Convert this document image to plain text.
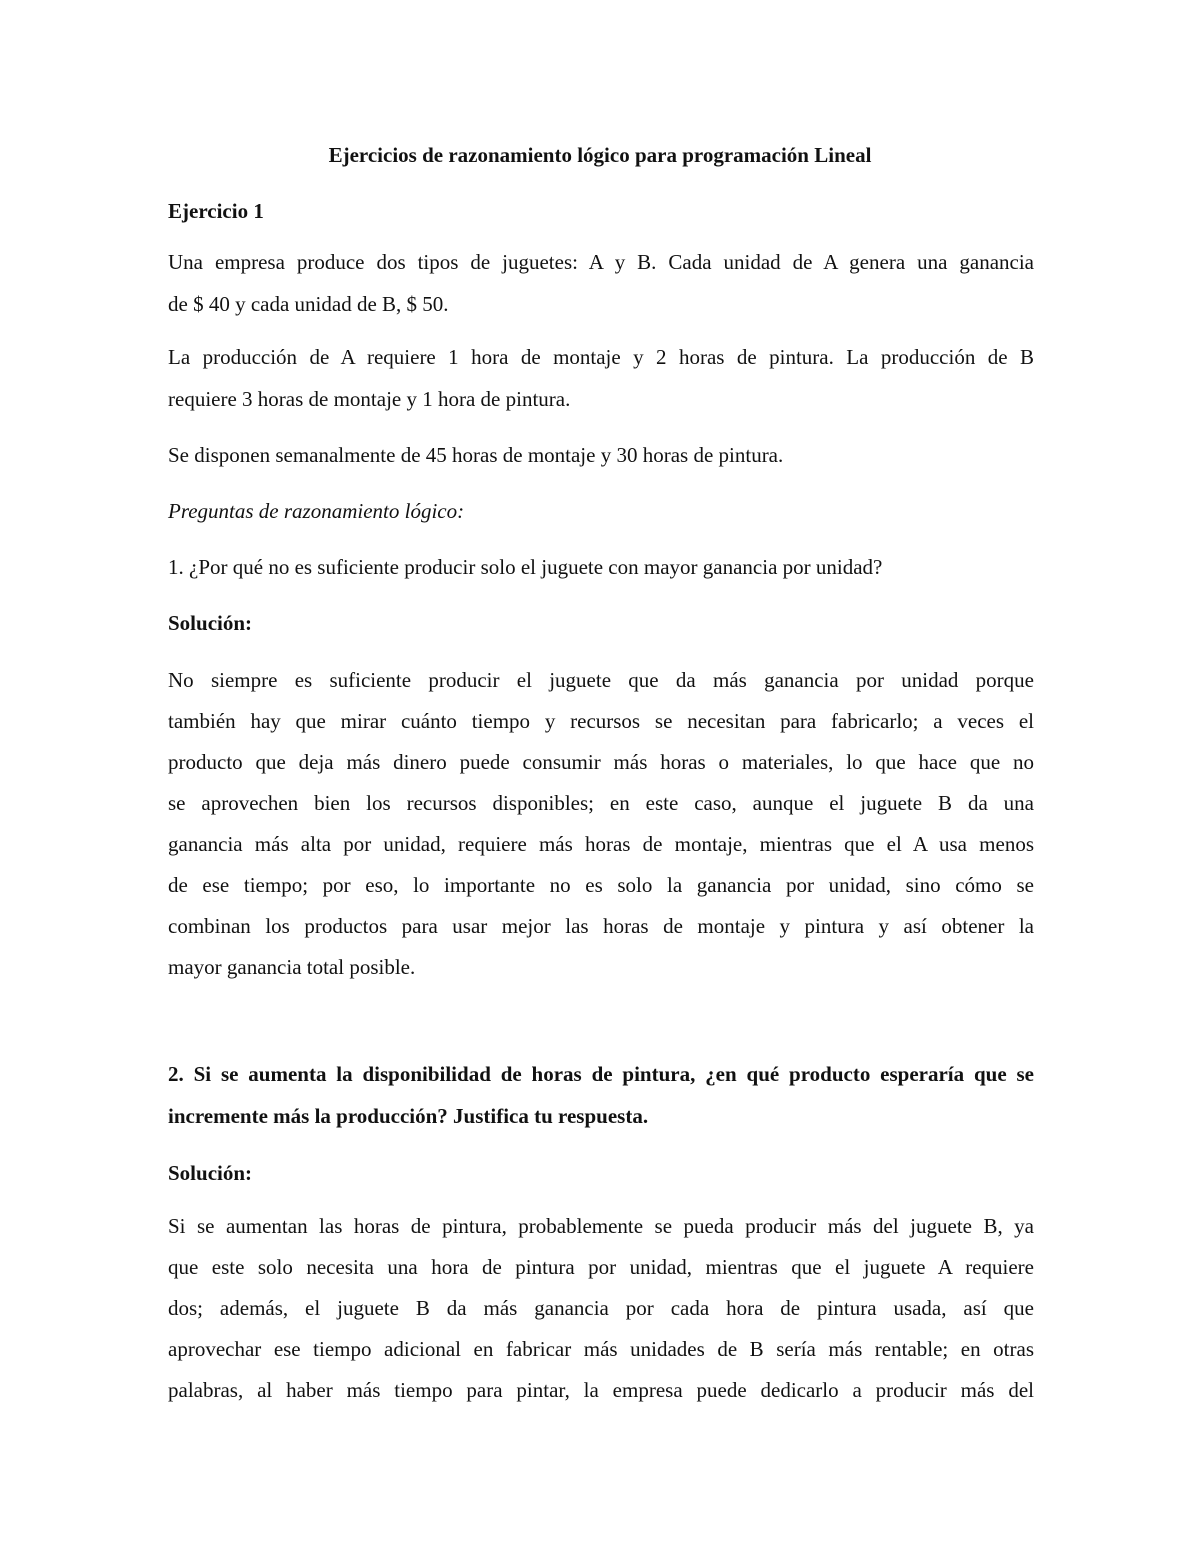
Ejercicios de razonamiento lógico para programación Lineal
Ejercicio 1
Una empresa produce dos tipos de juguetes: A y B. Cada unidad de A genera una ganancia
de $ 40 y cada unidad de B, $ 50.
La producción de A requiere 1 hora de montaje y 2 horas de pintura. La producción de B
requiere 3 horas de montaje y 1 hora de pintura.

Se disponen semanalmente de 45 horas de montaje y 30 horas de pintura.

Preguntas de razonamiento lógico:

1. ¿Por qué no es suficiente producir solo el juguete con mayor ganancia por unidad?

Solución:

No siempre es suficiente producir el juguete que da más ganancia por unidad porque
también hay que mirar cuánto tiempo y recursos se necesitan para fabricarlo; a veces el
producto que deja más dinero puede consumir más horas o materiales, lo que hace que no
se aprovechen bien los recursos disponibles; en este caso, aunque el juguete B da una
ganancia más alta por unidad, requiere más horas de montaje, mientras que el A usa menos
de ese tiempo; por eso, lo importante no es solo la ganancia por unidad, sino cómo se
combinan los productos para usar mejor las horas de montaje y pintura y así obtener la
mayor ganancia total posible.
2. Si se aumenta la disponibilidad de horas de pintura, ¿en qué producto esperaría que se
incremente más la producción? Justifica tu respuesta.

Solución:

Si se aumentan las horas de pintura, probablemente se pueda producir más del juguete B, ya
que este solo necesita una hora de pintura por unidad, mientras que el juguete A requiere
dos; además, el juguete B da más ganancia por cada hora de pintura usada, así que
aprovechar ese tiempo adicional en fabricar más unidades de B sería más rentable; en otras
palabras, al haber más tiempo para pintar, la empresa puede dedicarlo a producir más del
